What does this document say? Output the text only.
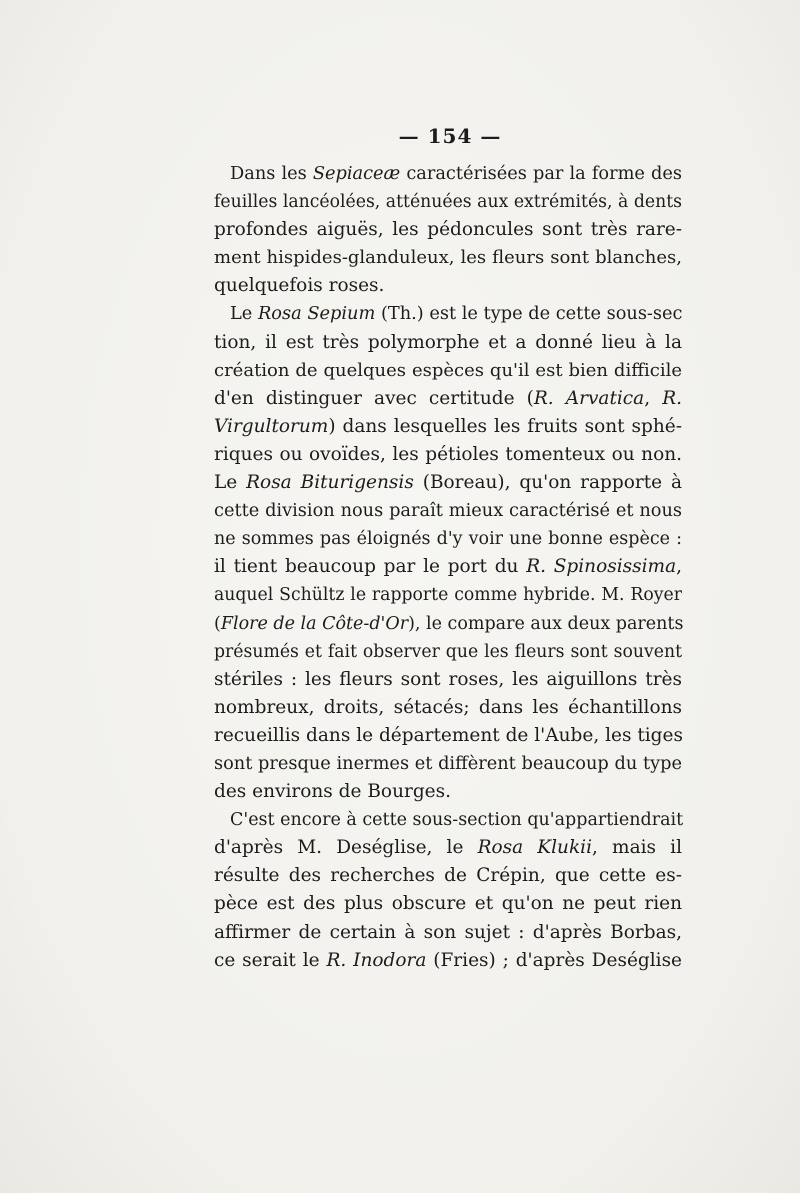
— 154 —
Dans les Sepiaceæ caractérisées par la forme des
feuilles lancéolées, atténuées aux extrémités, à dents
profondes aiguës, les pédoncules sont très rare-
ment hispides-glanduleux, les fleurs sont blanches,
quelquefois roses.
Le Rosa Sepium (Th.) est le type de cette sous-sec
tion, il est très polymorphe et a donné lieu à la
création de quelques espèces qu'il est bien difficile
d'en distinguer avec certitude (R. Arvatica, R.
Virgultorum) dans lesquelles les fruits sont sphé-
riques ou ovoïdes, les pétioles tomenteux ou non.
Le Rosa Biturigensis (Boreau), qu'on rapporte à
cette division nous paraît mieux caractérisé et nous
ne sommes pas éloignés d'y voir une bonne espèce :
il tient beaucoup par le port du R. Spinosissima,
auquel Schültz le rapporte comme hybride. M. Royer
(Flore de la Côte-d'Or), le compare aux deux parents
présumés et fait observer que les fleurs sont souvent
stériles : les fleurs sont roses, les aiguillons très
nombreux, droits, sétacés; dans les échantillons
recueillis dans le département de l'Aube, les tiges
sont presque inermes et diffèrent beaucoup du type
des environs de Bourges.
C'est encore à cette sous-section qu'appartiendrait
d'après M. Deséglise, le Rosa Klukii, mais il
résulte des recherches de Crépin, que cette es-
pèce est des plus obscure et qu'on ne peut rien
affirmer de certain à son sujet : d'après Borbas,
ce serait le R. Inodora (Fries) ; d'après Deséglise
